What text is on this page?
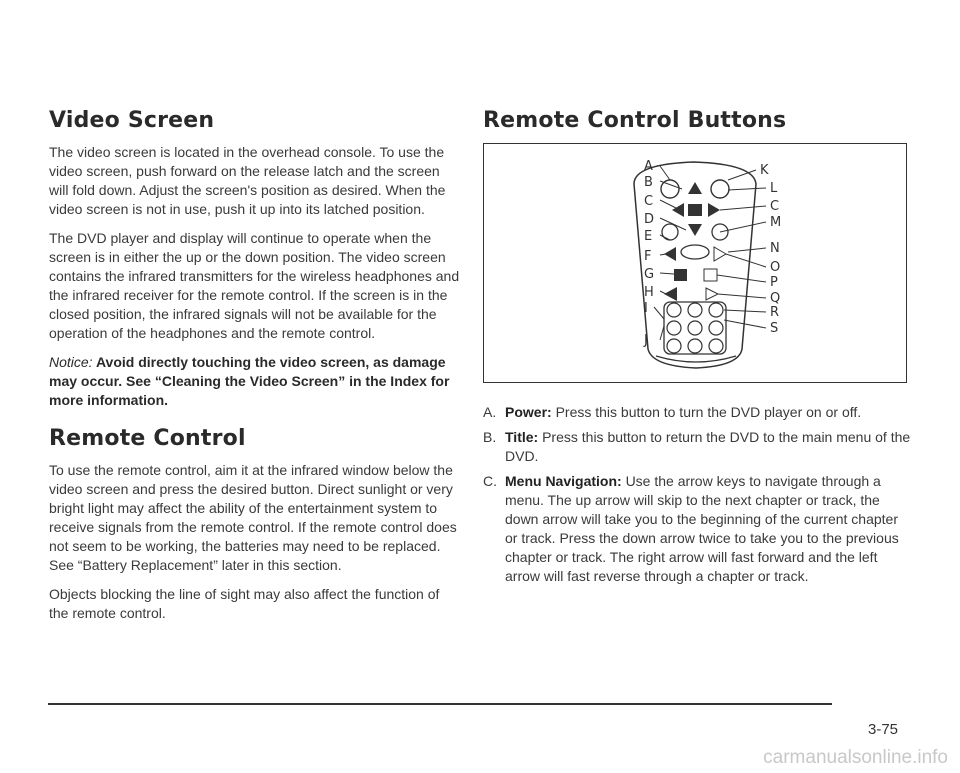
Video Screen

The video screen is located in the overhead console. To use the video screen, push forward on the release latch and the screen will fold down. Adjust the screen's position as desired. When the video screen is not in use, push it up into its latched position.

The DVD player and display will continue to operate when the screen is in either the up or the down position. The video screen contains the infrared transmitters for the wireless headphones and the infrared receiver for the remote control. If the screen is in the closed position, the infrared signals will not be available for the operation of the headphones and the remote control.

Notice: Avoid directly touching the video screen, as damage may occur. See “Cleaning the Video Screen” in the Index for more information.

Remote Control

To use the remote control, aim it at the infrared window below the video screen and press the desired button. Direct sunlight or very bright light may affect the ability of the entertainment system to receive signals from the remote control. If the remote control does not seem to be working, the batteries may need to be replaced. See “Battery Replacement” later in this section.

Objects blocking the line of sight may also affect the function of the remote control.

Remote Control Buttons
A
B
C
D
E
F
G
H
I
J
K
L
C
M
N
O
P
Q
R
S
A. Power: Press this button to turn the DVD player on or off.
B. Title: Press this button to return the DVD to the main menu of the DVD.
C. Menu Navigation: Use the arrow keys to navigate through a menu. The up arrow will skip to the next chapter or track, the down arrow will take you to the beginning of the current chapter or track. Press the down arrow twice to take you to the previous chapter or track. The right arrow will fast forward and the left arrow will fast reverse through a chapter or track.
3-75
carmanualsonline.info
